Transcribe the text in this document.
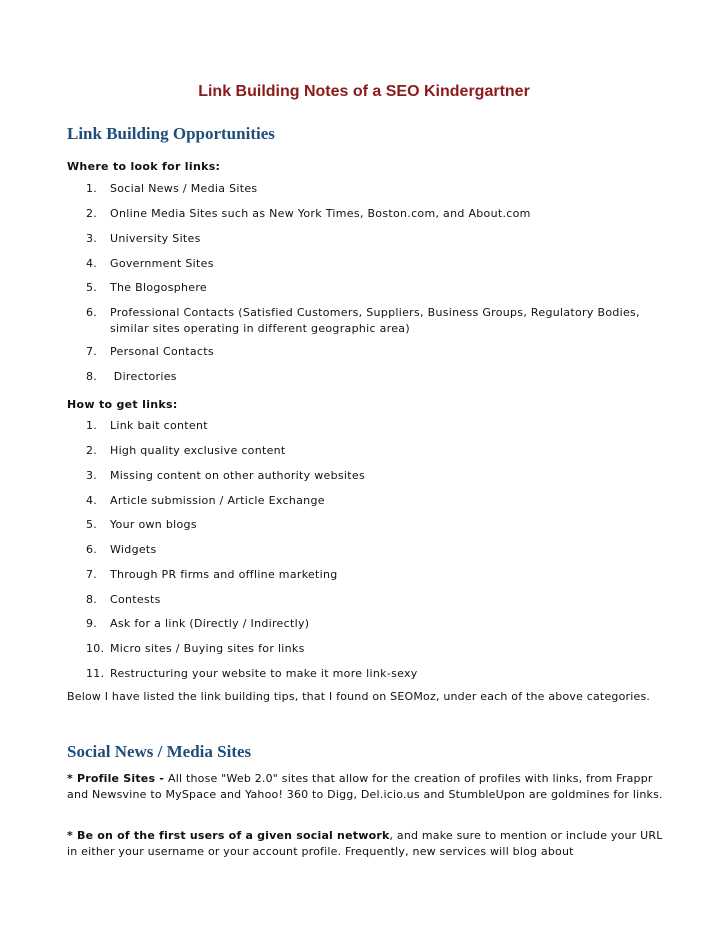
Link Building Notes of a SEO Kindergartner
Link Building Opportunities
Where to look for links:
1.	Social News / Media Sites
2.	Online Media Sites such as New York Times, Boston.com, and About.com
3.	University Sites
4.	Government Sites
5.	The Blogosphere
6.	Professional Contacts (Satisfied Customers, Suppliers, Business Groups, Regulatory Bodies, similar sites operating in different geographic area)
7.	Personal Contacts
8.	Directories
How to get links:
1.	Link bait content
2.	High quality exclusive content
3.	Missing content on other authority websites
4.	Article submission / Article Exchange
5.	Your own blogs
6.	Widgets
7.	Through PR firms and offline marketing
8.	Contests
9.	Ask for a link (Directly / Indirectly)
10. Micro sites / Buying sites for links
11. Restructuring your website to make it more link-sexy
Below I have listed the link building tips, that I found on SEOMoz, under each of the above categories.
Social News / Media Sites
* Profile Sites - All those "Web 2.0" sites that allow for the creation of profiles with links, from Frappr and Newsvine to MySpace and Yahoo! 360 to Digg, Del.icio.us and StumbleUpon are goldmines for links.
* Be on of the first users of a given social network, and make sure to mention or include your URL in either your username or your account profile. Frequently, new services will blog about
